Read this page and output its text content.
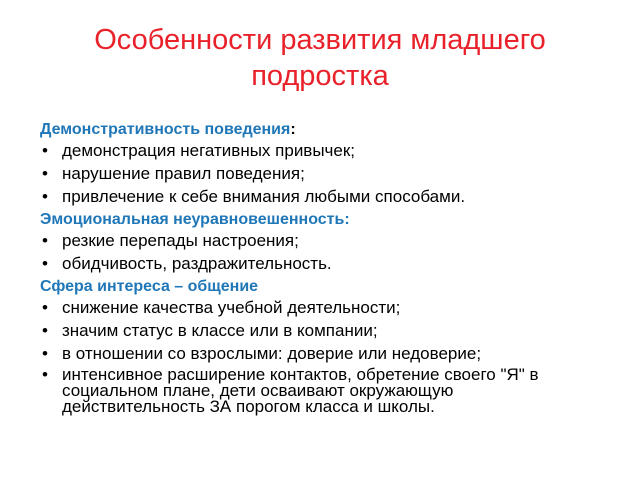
Особенности развития младшего
подростка

Демонстративность поведения:

• демонстрация негативных привычек;
• нарушение правил поведения;
• привлечение к себе внимания любыми способами.

Эмоциональная неуравновешенность:

• резкие перепады настроения;
• обидчивость, раздражительность.

Сфера интереса – общение

• снижение качества учебной деятельности;
• значим статус в классе или в компании;
• в отношении со взрослыми: доверие или недоверие;
• интенсивное расширение контактов, обретение своего "Я" в социальном плане, дети осваивают окружающую действительность ЗА порогом класса и школы.
